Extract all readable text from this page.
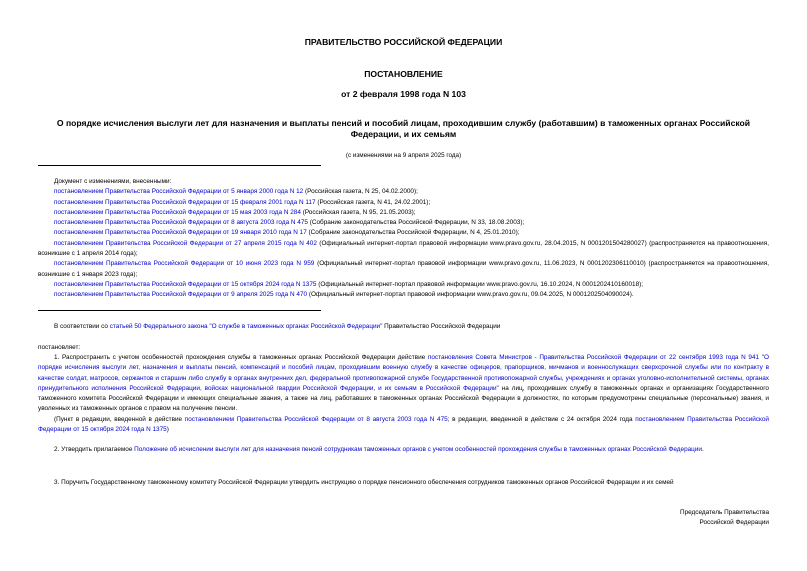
ПРАВИТЕЛЬСТВО РОССИЙСКОЙ ФЕДЕРАЦИИ
ПОСТАНОВЛЕНИЕ
от 2 февраля 1998 года N 103
О порядке исчисления выслуги лет для назначения и выплаты пенсий и пособий лицам, проходившим службу (работавшим) в таможенных органах Российской Федерации, и их семьям
(с изменениями на 9 апреля 2025 года)

Документ с изменениями, внесенными:

постановлением Правительства Российской Федерации от 5 января 2000 года N 12 (Российская газета, N 25, 04.02.2000);

постановлением Правительства Российской Федерации от 15 февраля 2001 года N 117 (Российская газета, N 41, 24.02.2001);

постановлением Правительства Российской Федерации от 15 мая 2003 года N 284 (Российская газета, N 95, 21.05.2003);

постановлением Правительства Российской Федерации от 8 августа 2003 года N 475 (Собрание законодательства Российской Федерации, N 33, 18.08.2003);

постановлением Правительства Российской Федерации от 19 января 2010 года N 17 (Собрание законодательства Российской Федерации, N 4, 25.01.2010);

постановлением Правительства Российской Федерации от 27 апреля 2015 года N 402 (Официальный интернет-портал правовой информации www.pravo.gov.ru, 28.04.2015, N 0001201504280027) (распространяется на правоотношения, возникшие с 1 апреля 2014 года);

постановлением Правительства Российской Федерации от 10 июня 2023 года N 959 (Официальный интернет-портал правовой информации www.pravo.gov.ru, 11.06.2023, N 0001202306110010) (распространяется на правоотношения, возникшие с 1 января 2023 года);

постановлением Правительства Российской Федерации от 15 октября 2024 года N 1375 (Официальный интернет-портал правовой информации www.pravo.gov.ru, 16.10.2024, N 0001202410160018);

постановлением Правительства Российской Федерации от 9 апреля 2025 года N 470 (Официальный интернет-портал правовой информации www.pravo.gov.ru, 09.04.2025, N 0001202504090024).

В соответствии со статьей 50 Федерального закона "О службе в таможенных органах Российской Федерации" Правительство Российской Федерации

постановляет:

1. Распространить с учетом особенностей прохождения службы в таможенных органах Российской Федерации действие постановления Совета Министров - Правительства Российской Федерации от 22 сентября 1993 года N 941 "О порядке исчисления выслуги лет, назначения и выплаты пенсий, компенсаций и пособий лицам, проходившим военную службу в качестве офицеров, прапорщиков, мичманов и военнослужащих сверхсрочной службы или по контракту в качестве солдат, матросов, сержантов и старшин либо службу в органах внутренних дел, федеральной противопожарной службе Государственной противопожарной службы, учреждениях и органах уголовно-исполнительной системы, органах принудительного исполнения Российской Федерации, войсках национальной гвардии Российской Федерации, и их семьям в Российской Федерации" на лиц, проходивших службу в таможенных органах и организациях Государственного таможенного комитета Российской Федерации и имеющих специальные звания, а также на лиц, работавших в таможенных органах Российской Федерации в должностях, по которым предусмотрены специальные (персональные) звания, и уволенных из таможенных органов с правом на получение пенсии.

(Пункт в редакции, введенной в действие постановлением Правительства Российской Федерации от 8 августа 2003 года N 475; в редакции, введенной в действие с 24 октября 2024 года постановлением Правительства Российской Федерации от 15 октября 2024 года N 1375)

2. Утвердить прилагаемое Положение об исчислении выслуги лет для назначения пенсий сотрудникам таможенных органов с учетом особенностей прохождения службы в таможенных органах Российской Федерации.

3. Поручить Государственному таможенному комитету Российской Федерации утвердить инструкцию о порядке пенсионного обеспечения сотрудников таможенных органов Российской Федерации и их семей

Председатель Правительства
Российской Федерации
